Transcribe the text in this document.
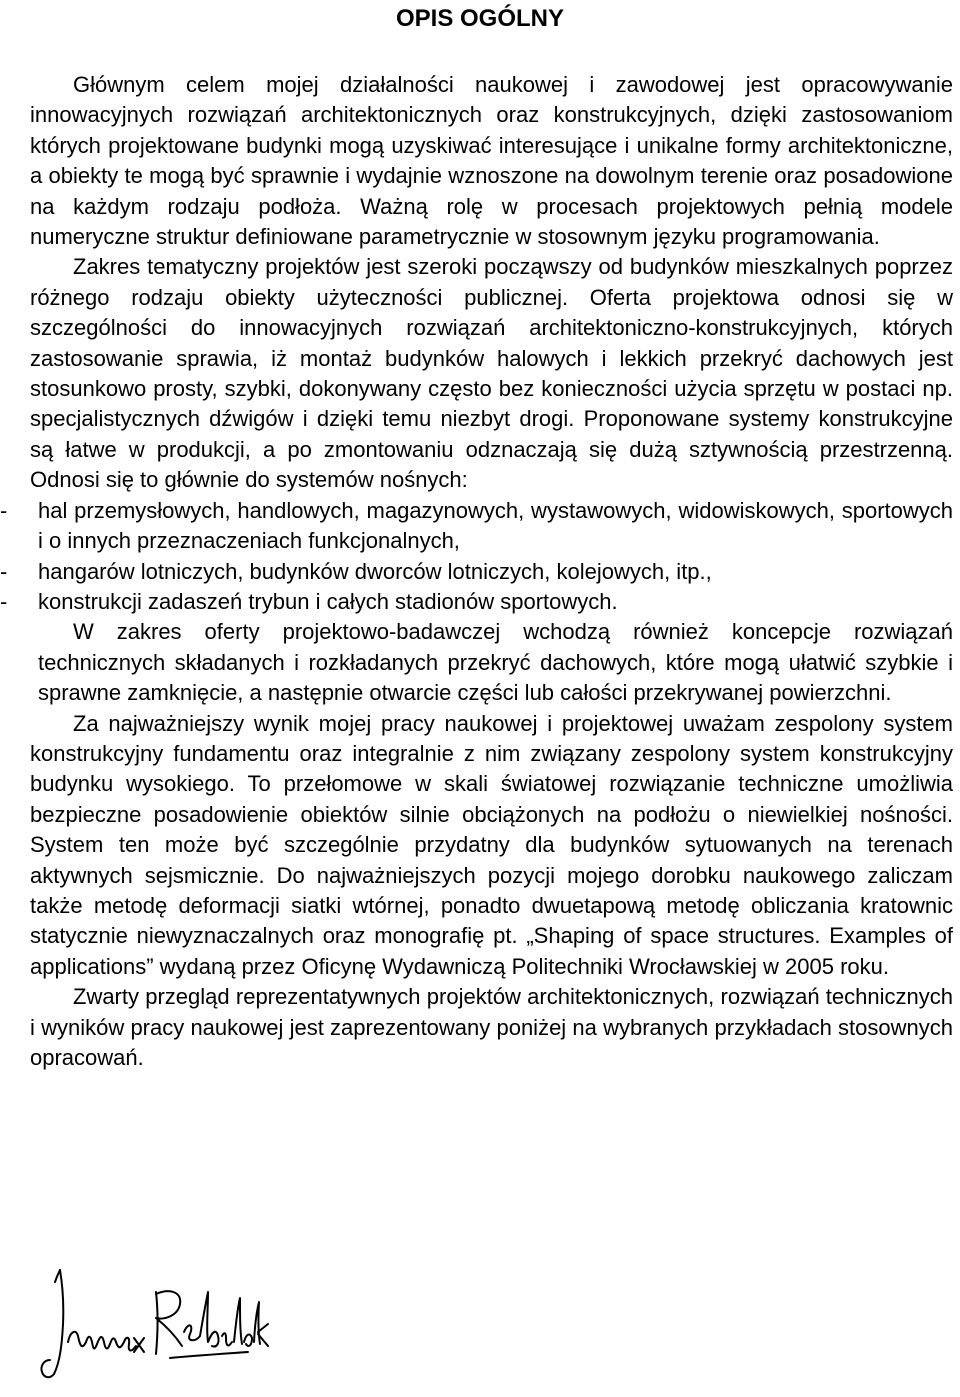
OPIS OGÓLNY

Głównym celem mojej działalności naukowej i zawodowej jest opracowywanie innowacyjnych rozwiązań architektonicznych oraz konstrukcyjnych, dzięki zastosowaniom których projektowane budynki mogą uzyskiwać interesujące i unikalne formy architektoniczne, a obiekty te mogą być sprawnie i wydajnie wznoszone na dowolnym terenie oraz posadowione na każdym rodzaju podłoża. Ważną rolę w procesach projektowych pełnią modele numeryczne struktur definiowane parametrycznie w stosownym języku programowania.

Zakres tematyczny projektów jest szeroki począwszy od budynków mieszkalnych poprzez różnego rodzaju obiekty użyteczności publicznej. Oferta projektowa odnosi się w szczególności do innowacyjnych rozwiązań architektoniczno-konstrukcyjnych, których zastosowanie sprawia, iż montaż budynków halowych i lekkich przekryć dachowych jest stosunkowo prosty, szybki, dokonywany często bez konieczności użycia sprzętu w postaci np. specjalistycznych dźwigów i dzięki temu niezbyt drogi. Proponowane systemy konstrukcyjne są łatwe w produkcji, a po zmontowaniu odznaczają się dużą sztywnością przestrzenną. Odnosi się to głównie do systemów nośnych:

- hal przemysłowych, handlowych, magazynowych, wystawowych, widowiskowych, sportowych i o innych przeznaczeniach funkcjonalnych,
- hangarów lotniczych, budynków dworców lotniczych, kolejowych, itp.,
- konstrukcji zadaszeń trybun i całych stadionów sportowych.

W zakres oferty projektowo-badawczej wchodzą również koncepcje rozwiązań technicznych składanych i rozkładanych przekryć dachowych, które mogą ułatwić szybkie i sprawne zamknięcie, a następnie otwarcie części lub całości przekrywanej powierzchni.

Za najważniejszy wynik mojej pracy naukowej i projektowej uważam zespolony system konstrukcyjny fundamentu oraz integralnie z nim związany zespolony system konstrukcyjny budynku wysokiego. To przełomowe w skali światowej rozwiązanie techniczne umożliwia bezpieczne posadowienie obiektów silnie obciążonych na podłożu o niewielkiej nośności. System ten może być szczególnie przydatny dla budynków sytuowanych na terenach aktywnych sejsmicznie. Do najważniejszych pozycji mojego dorobku naukowego zaliczam także metodę deformacji siatki wtórnej, ponadto dwuetapową metodę obliczania kratownic statycznie niewyznaczalnych oraz monografię pt. „Shaping of space structures. Examples of applications” wydaną przez Oficynę Wydawniczą Politechniki Wrocławskiej w 2005 roku.

Zwarty przegląd reprezentatywnych projektów architektonicznych, rozwiązań technicznych i wyników pracy naukowej jest zaprezentowany poniżej na wybranych przykładach stosownych opracowań.
